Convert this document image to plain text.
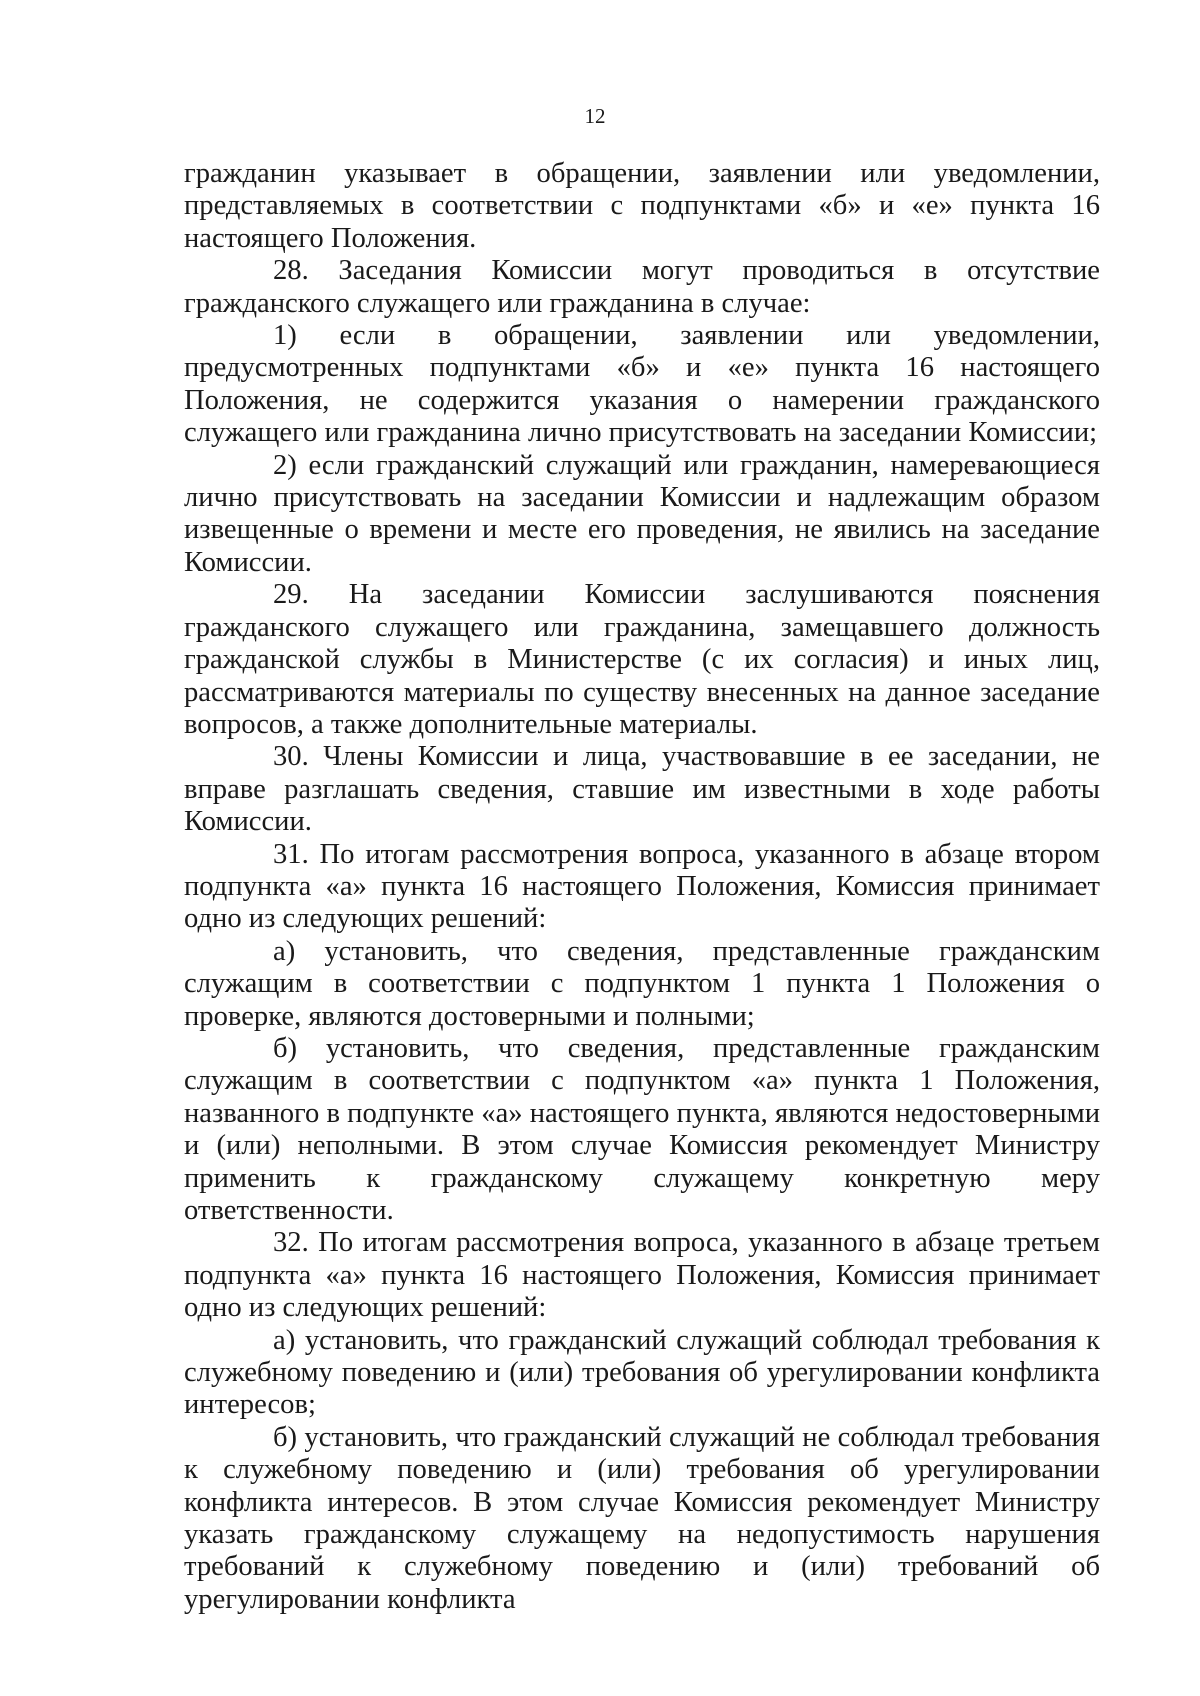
12

гражданин указывает в обращении, заявлении или уведомлении, представляемых в соответствии с подпунктами «б» и «е» пункта 16 настоящего Положения.

28. Заседания Комиссии могут проводиться в отсутствие гражданского служащего или гражданина в случае:

1) если в обращении, заявлении или уведомлении, предусмотренных подпунктами «б» и «е» пункта 16 настоящего Положения, не содержится указания о намерении гражданского служащего или гражданина лично присутствовать на заседании Комиссии;

2) если гражданский служащий или гражданин, намеревающиеся лично присутствовать на заседании Комиссии и надлежащим образом извещенные о времени и месте его проведения, не явились на заседание Комиссии.

29. На заседании Комиссии заслушиваются пояснения гражданского служащего или гражданина, замещавшего должность гражданской службы в Министерстве (с их согласия) и иных лиц, рассматриваются материалы по существу внесенных на данное заседание вопросов, а также дополнительные материалы.

30. Члены Комиссии и лица, участвовавшие в ее заседании, не вправе разглашать сведения, ставшие им известными в ходе работы Комиссии.

31. По итогам рассмотрения вопроса, указанного в абзаце втором подпункта «а» пункта 16 настоящего Положения, Комиссия принимает одно из следующих решений:

а) установить, что сведения, представленные гражданским служащим в соответствии с подпунктом 1 пункта 1 Положения о проверке, являются достоверными и полными;

б) установить, что сведения, представленные гражданским служащим в соответствии с подпунктом «а» пункта 1 Положения, названного в подпункте «а» настоящего пункта, являются недостоверными и (или) неполными. В этом случае Комиссия рекомендует Министру применить к гражданскому служащему конкретную меру ответственности.

32. По итогам рассмотрения вопроса, указанного в абзаце третьем подпункта «а» пункта 16 настоящего Положения, Комиссия принимает одно из следующих решений:

а) установить, что гражданский служащий соблюдал требования к служебному поведению и (или) требования об урегулировании конфликта интересов;

б) установить, что гражданский служащий не соблюдал требования к служебному поведению и (или) требования об урегулировании конфликта интересов. В этом случае Комиссия рекомендует Министру указать гражданскому служащему на недопустимость нарушения требований к служебному поведению и (или) требований об урегулировании конфликта
